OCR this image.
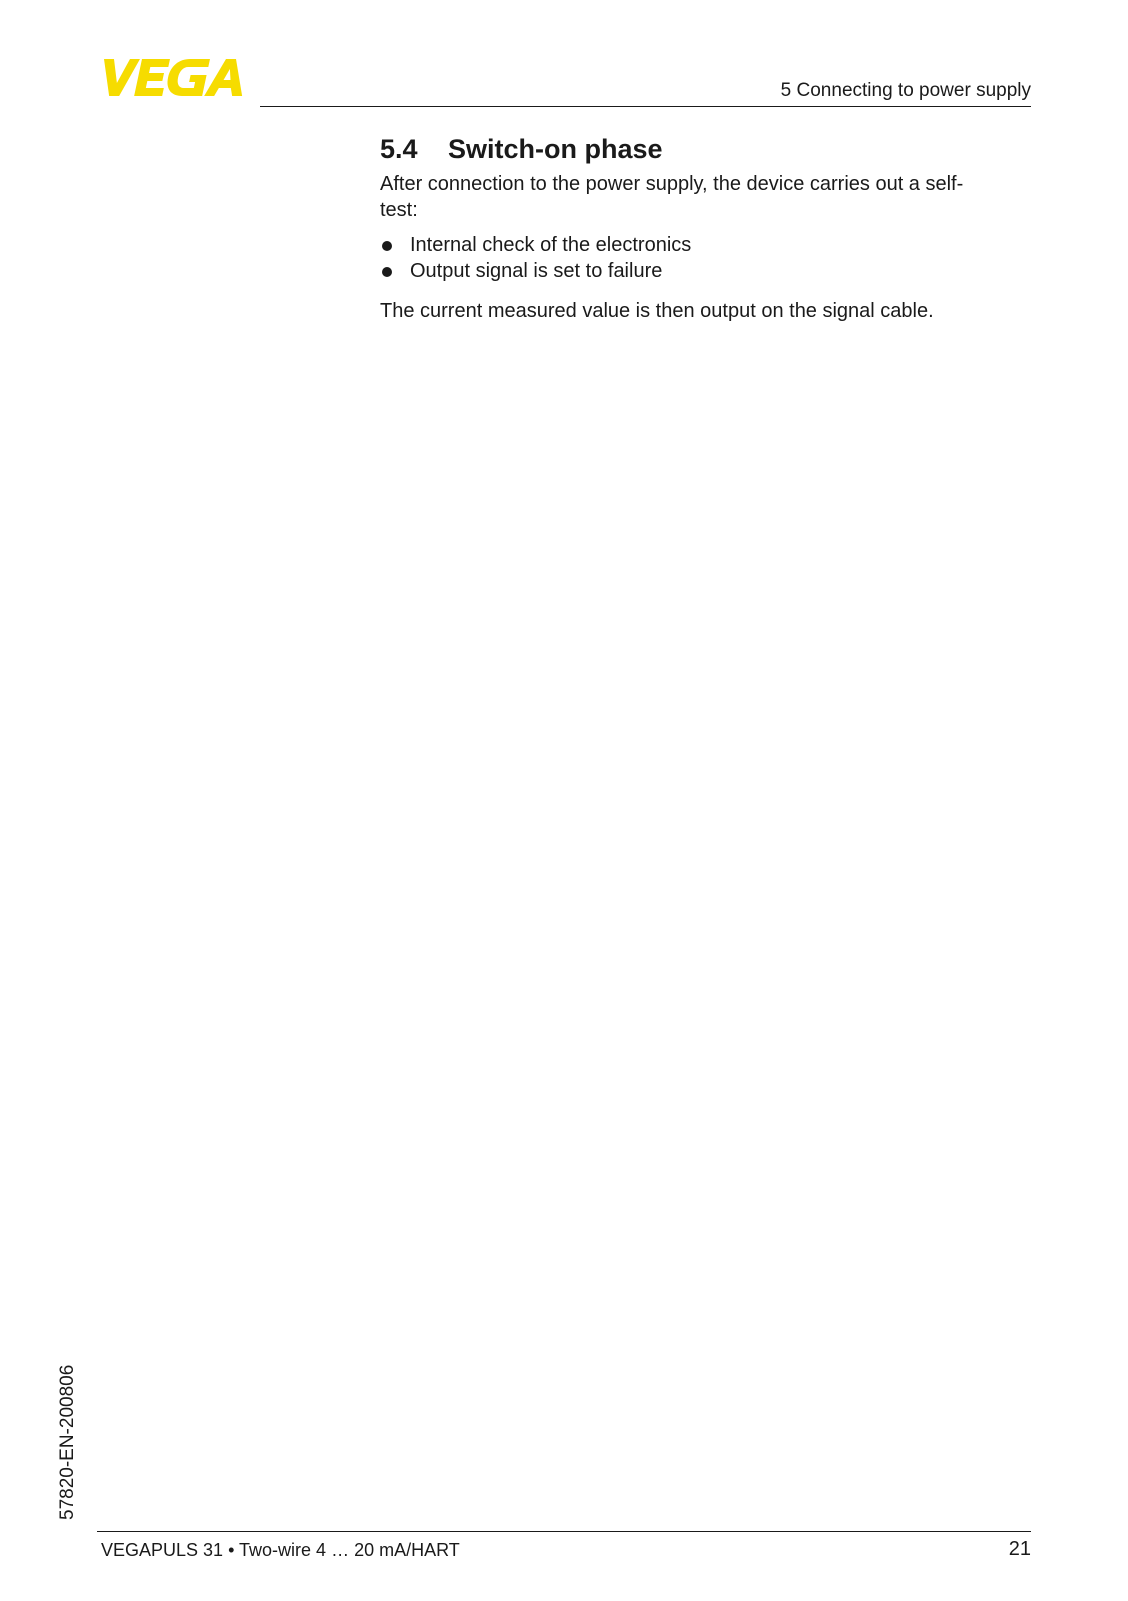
5 Connecting to power supply
5.4	Switch-on phase

After connection to the power supply, the device carries out a self-test:

Internal check of the electronics
Output signal is set to failure

The current measured value is then output on the signal cable.

57820-EN-200806
VEGAPULS 31 • Two-wire 4 … 20 mA/HART	21
